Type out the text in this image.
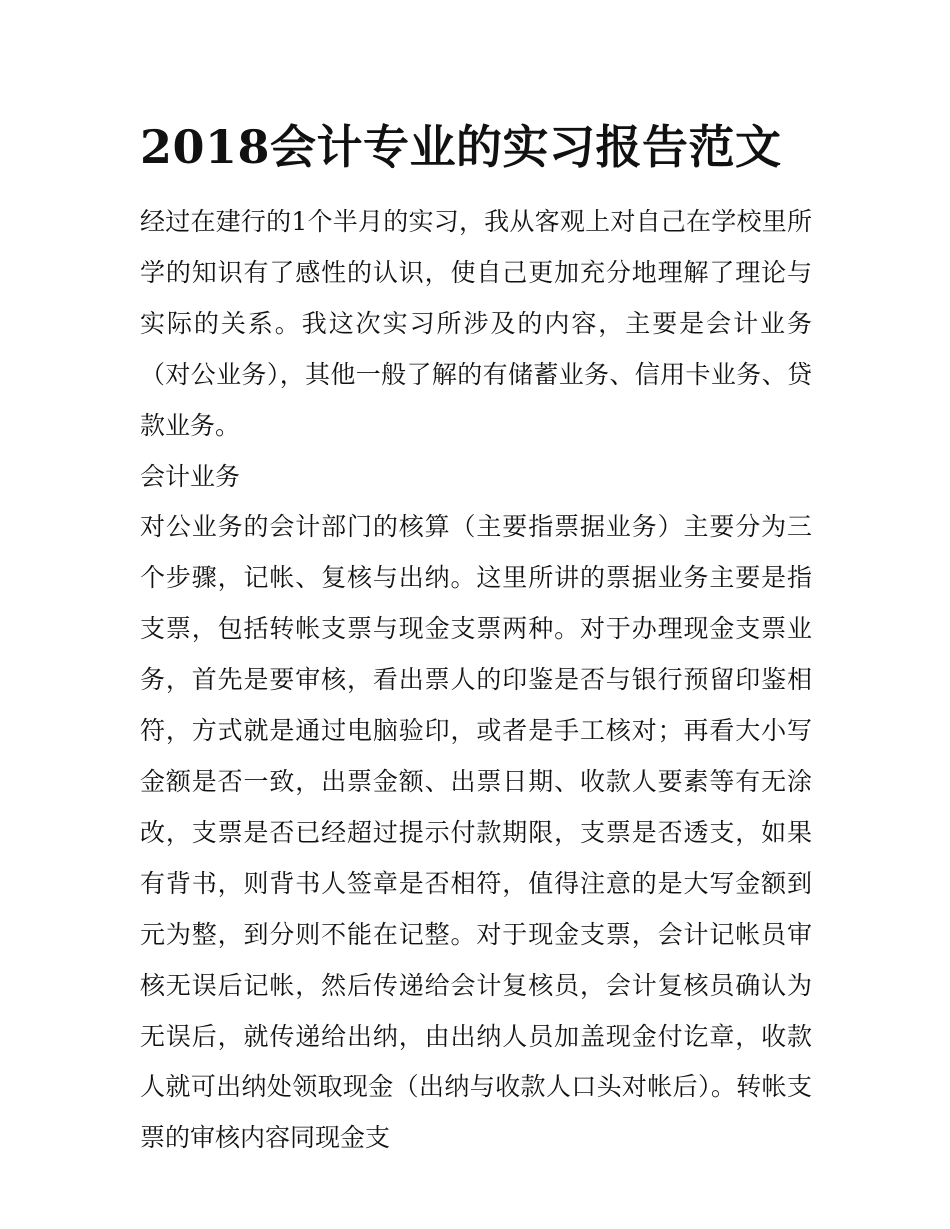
2018会计专业的实习报告范文

经过在建行的1个半月的实习，我从客观上对自己在学校里所学的知识有了感性的认识，使自己更加充分地理解了理论与实际的关系。我这次实习所涉及的内容，主要是会计业务（对公业务），其他一般了解的有储蓄业务、信用卡业务、贷款业务。

会计业务

对公业务的会计部门的核算（主要指票据业务）主要分为三个步骤，记帐、复核与出纳。这里所讲的票据业务主要是指支票，包括转帐支票与现金支票两种。对于办理现金支票业务，首先是要审核，看出票人的印鉴是否与银行预留印鉴相符，方式就是通过电脑验印，或者是手工核对；再看大小写金额是否一致，出票金额、出票日期、收款人要素等有无涂改，支票是否已经超过提示付款期限，支票是否透支，如果有背书，则背书人签章是否相符，值得注意的是大写金额到元为整，到分则不能在记整。对于现金支票，会计记帐员审核无误后记帐，然后传递给会计复核员，会计复核员确认为无误后，就传递给出纳，由出纳人员加盖现金付讫章，收款人就可出纳处领取现金（出纳与收款人口头对帐后）。转帐支票的审核内容同现金支
